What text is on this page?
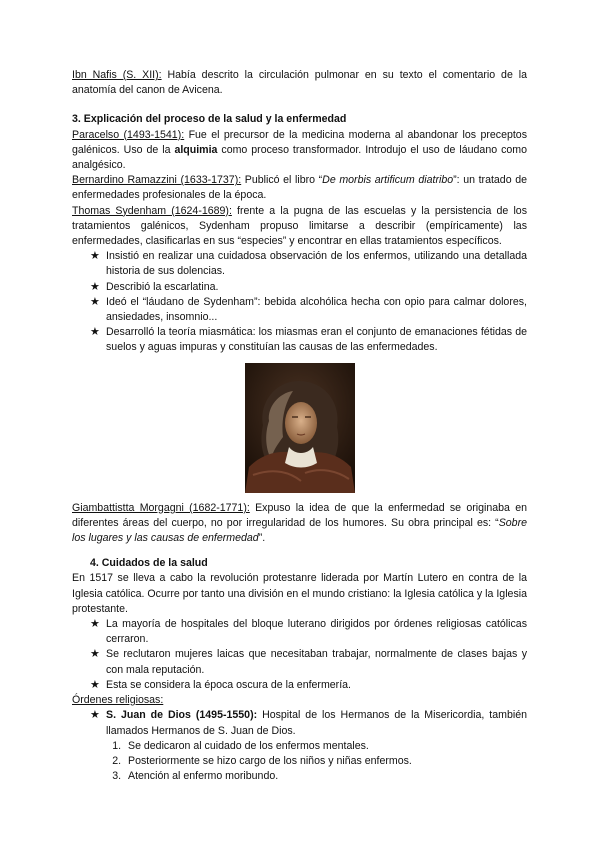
Ibn Nafis (S. XII): Había descrito la circulación pulmonar en su texto el comentario de la anatomía del canon de Avicena.

3. Explicación del proceso de la salud y la enfermedad

Paracelso (1493-1541): Fue el precursor de la medicina moderna al abandonar los preceptos galénicos. Uso de la alquimia como proceso transformador. Introdujo el uso de láudano como analgésico.

Bernardino Ramazzini (1633-1737): Publicó el libro “De morbis artificum diatribo”: un tratado de enfermedades profesionales de la época.

Thomas Sydenham (1624-1689): frente a la pugna de las escuelas y la persistencia de los tratamientos galénicos, Sydenham propuso limitarse a describir (empíricamente) las enfermedades, clasificarlas en sus “especies” y encontrar en ellas tratamientos específicos.

★ Insistió en realizar una cuidadosa observación de los enfermos, utilizando una detallada historia de sus dolencias.
★ Describió la escarlatina.
★ Ideó el “láudano de Sydenham”: bebida alcohólica hecha con opio para calmar dolores, ansiedades, insomnio...
★ Desarrolló la teoría miasmática: los miasmas eran el conjunto de emanaciones fétidas de suelos y aguas impuras y constituían las causas de las enfermedades.

Giambattistta Morgagni (1682-1771): Expuso la idea de que la enfermedad se originaba en diferentes áreas del cuerpo, no por irregularidad de los humores. Su obra principal es: “Sobre los lugares y las causas de enfermedad”.

4. Cuidados de la salud

En 1517 se lleva a cabo la revolución protestanre liderada por Martín Lutero en contra de la Iglesia católica. Ocurre por tanto una división en el mundo cristiano: la Iglesia católica y la Iglesia protestante.

★ La mayoría de hospitales del bloque luterano dirigidos por órdenes religiosas católicas cerraron.
★ Se reclutaron mujeres laicas que necesitaban trabajar, normalmente de clases bajas y con mala reputación.
★ Esta se considera la época oscura de la enfermería.

Órdenes religiosas:

★ S. Juan de Dios (1495-1550): Hospital de los Hermanos de la Misericordia, también llamados Hermanos de S. Juan de Dios.
1. Se dedicaron al cuidado de los enfermos mentales.
2. Posteriormente se hizo cargo de los niños y niñas enfermos.
3. Atención al enfermo moribundo.
